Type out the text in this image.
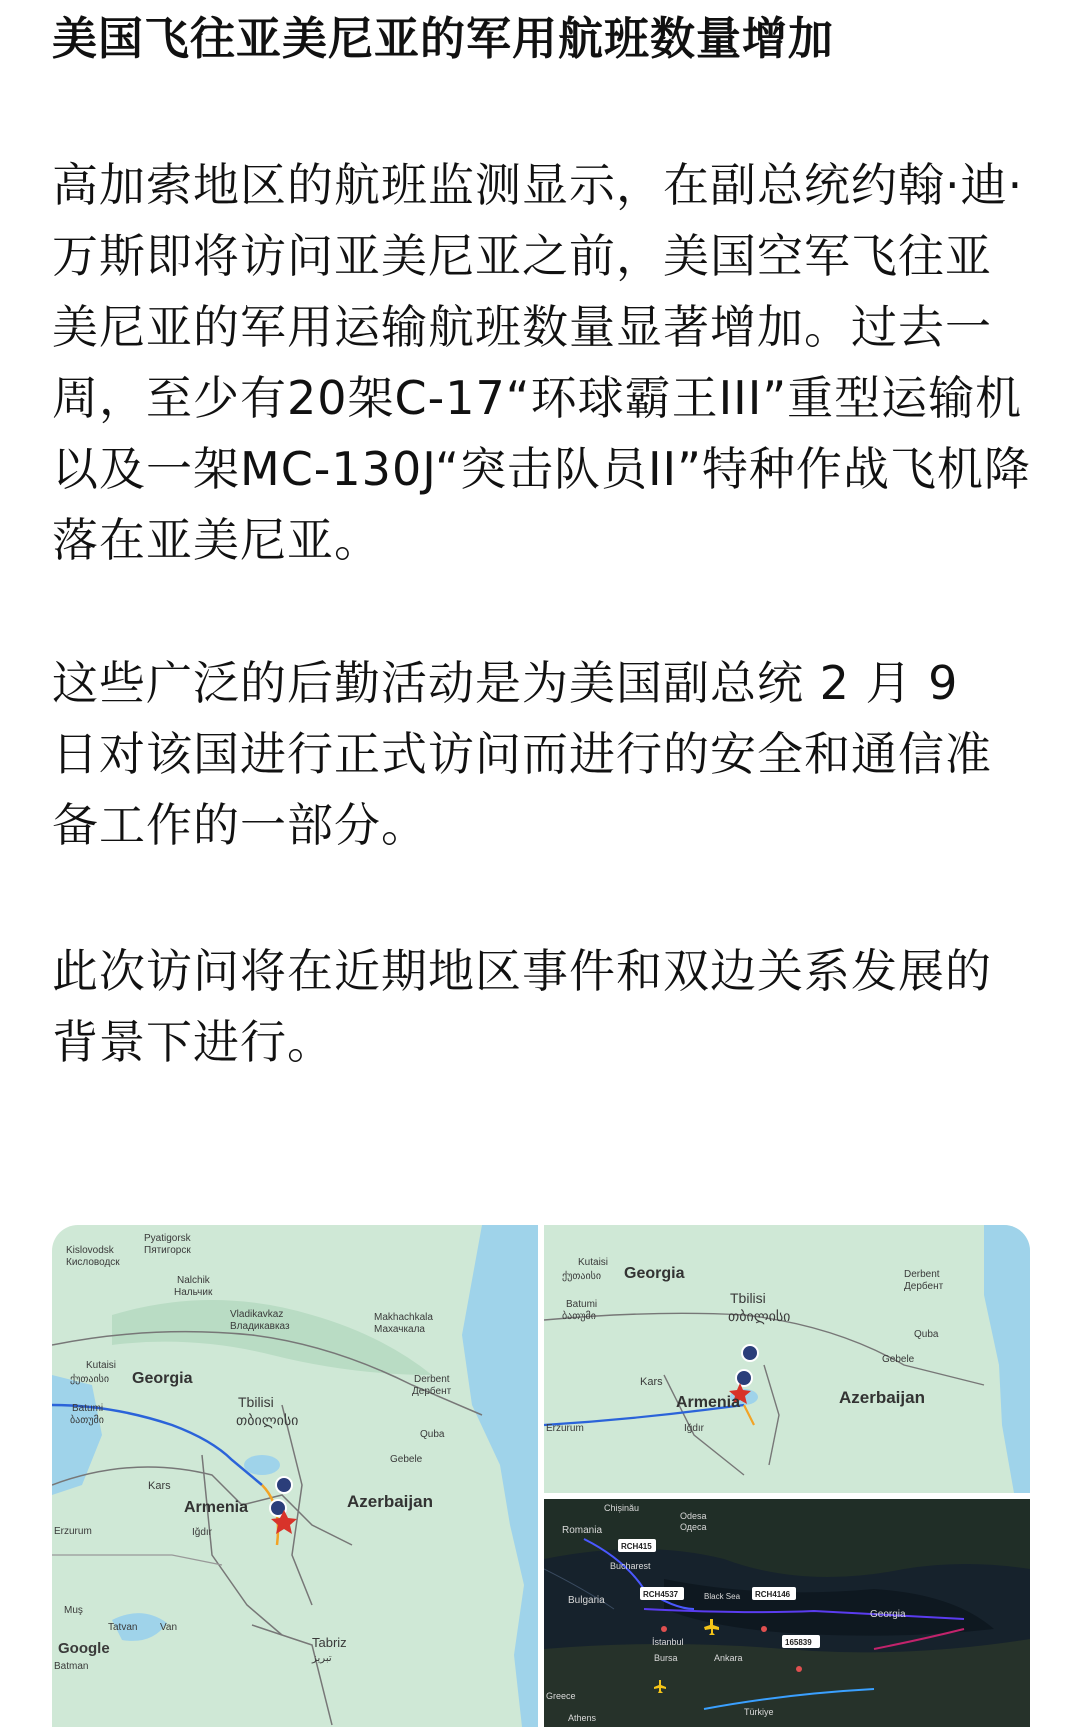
美国飞往亚美尼亚的军用航班数量增加

高加索地区的航班监测显示，在副总统约翰·迪·万斯即将访问亚美尼亚之前，美国空军飞往亚美尼亚的军用运输航班数量显著增加。过去一周，至少有20架C-17“环球霸王III”重型运输机以及一架MC-130J“突击队员II”特种作战飞机降落在亚美尼亚。

这些广泛的后勤活动是为美国副总统 2 月 9 日对该国进行正式访问而进行的安全和通信准备工作的一部分。

此次访问将在近期地区事件和双边关系发展的背景下进行。

Pyatigorsk
Пятигорск
Kislovodsk
Кисловодск
Nalchik
Нальчик
Vladikavkaz
Владикавказ
Makhachkala
Махачкала
Kutaisi
ქუთაისი Georgia	Derbent
Дербент
Batumi
ბათუმი
Tbilisi
თბილისი
Quba
Gebele
Kars
Armenia	Azerbaijan
Erzurum	Iğdır
Muş
Tatvan Van
Tabriz
تبریز
Batman
Google
Kutaisi
ქუთაისი Georgia	Derbent
Дербент
Batumi
ბათუმი
Tbilisi
თბილისი
Quba
Gebele
Kars
Armenia	Azerbaijan
Erzurum	Iğdır
Chișinău
Odesa
Одеса
Romania
Bucharest
Bulgaria	Black Sea
Georgia
İstanbul
Bursa	Ankara
Türkiye
Greece
Athens
RCH415
RCH4537	RCH4146
165839
